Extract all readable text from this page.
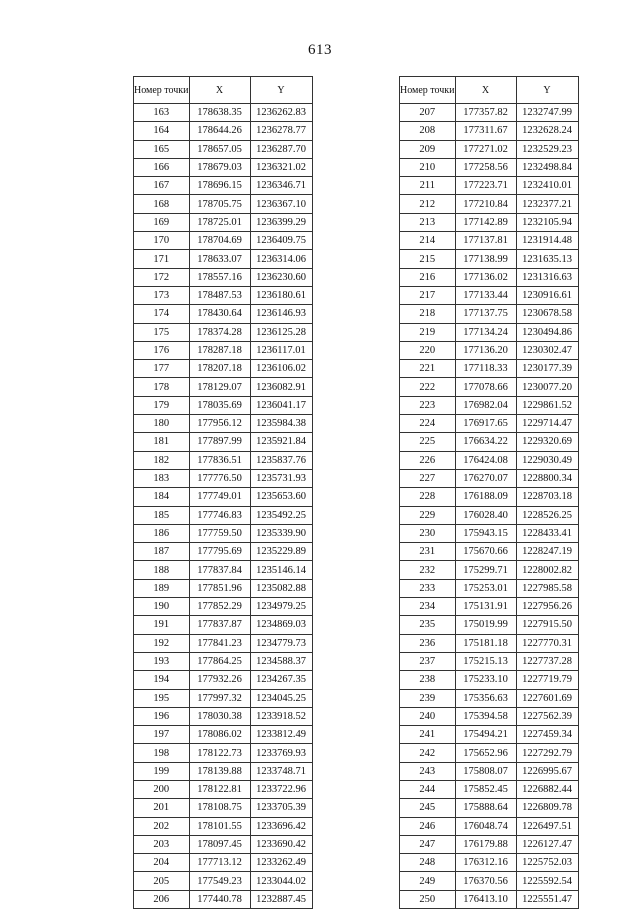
613
Номер точки	X	Y
163	178638.35	1236262.83
164	178644.26	1236278.77
165	178657.05	1236287.70
166	178679.03	1236321.02
167	178696.15	1236346.71
168	178705.75	1236367.10
169	178725.01	1236399.29
170	178704.69	1236409.75
171	178633.07	1236314.06
172	178557.16	1236230.60
173	178487.53	1236180.61
174	178430.64	1236146.93
175	178374.28	1236125.28
176	178287.18	1236117.01
177	178207.18	1236106.02
178	178129.07	1236082.91
179	178035.69	1236041.17
180	177956.12	1235984.38
181	177897.99	1235921.84
182	177836.51	1235837.76
183	177776.50	1235731.93
184	177749.01	1235653.60
185	177746.83	1235492.25
186	177759.50	1235339.90
187	177795.69	1235229.89
188	177837.84	1235146.14
189	177851.96	1235082.88
190	177852.29	1234979.25
191	177837.87	1234869.03
192	177841.23	1234779.73
193	177864.25	1234588.37
194	177932.26	1234267.35
195	177997.32	1234045.25
196	178030.38	1233918.52
197	178086.02	1233812.49
198	178122.73	1233769.93
199	178139.88	1233748.71
200	178122.81	1233722.96
201	178108.75	1233705.39
202	178101.55	1233696.42
203	178097.45	1233690.42
204	177713.12	1233262.49
205	177549.23	1233044.02
206	177440.78	1232887.45
Номер точки	X	Y
207	177357.82	1232747.99
208	177311.67	1232628.24
209	177271.02	1232529.23
210	177258.56	1232498.84
211	177223.71	1232410.01
212	177210.84	1232377.21
213	177142.89	1232105.94
214	177137.81	1231914.48
215	177138.99	1231635.13
216	177136.02	1231316.63
217	177133.44	1230916.61
218	177137.75	1230678.58
219	177134.24	1230494.86
220	177136.20	1230302.47
221	177118.33	1230177.39
222	177078.66	1230077.20
223	176982.04	1229861.52
224	176917.65	1229714.47
225	176634.22	1229320.69
226	176424.08	1229030.49
227	176270.07	1228800.34
228	176188.09	1228703.18
229	176028.40	1228526.25
230	175943.15	1228433.41
231	175670.66	1228247.19
232	175299.71	1228002.82
233	175253.01	1227985.58
234	175131.91	1227956.26
235	175019.99	1227915.50
236	175181.18	1227770.31
237	175215.13	1227737.28
238	175233.10	1227719.79
239	175356.63	1227601.69
240	175394.58	1227562.39
241	175494.21	1227459.34
242	175652.96	1227292.79
243	175808.07	1226995.67
244	175852.45	1226882.44
245	175888.64	1226809.78
246	176048.74	1226497.51
247	176179.88	1226127.47
248	176312.16	1225752.03
249	176370.56	1225592.54
250	176413.10	1225551.47
